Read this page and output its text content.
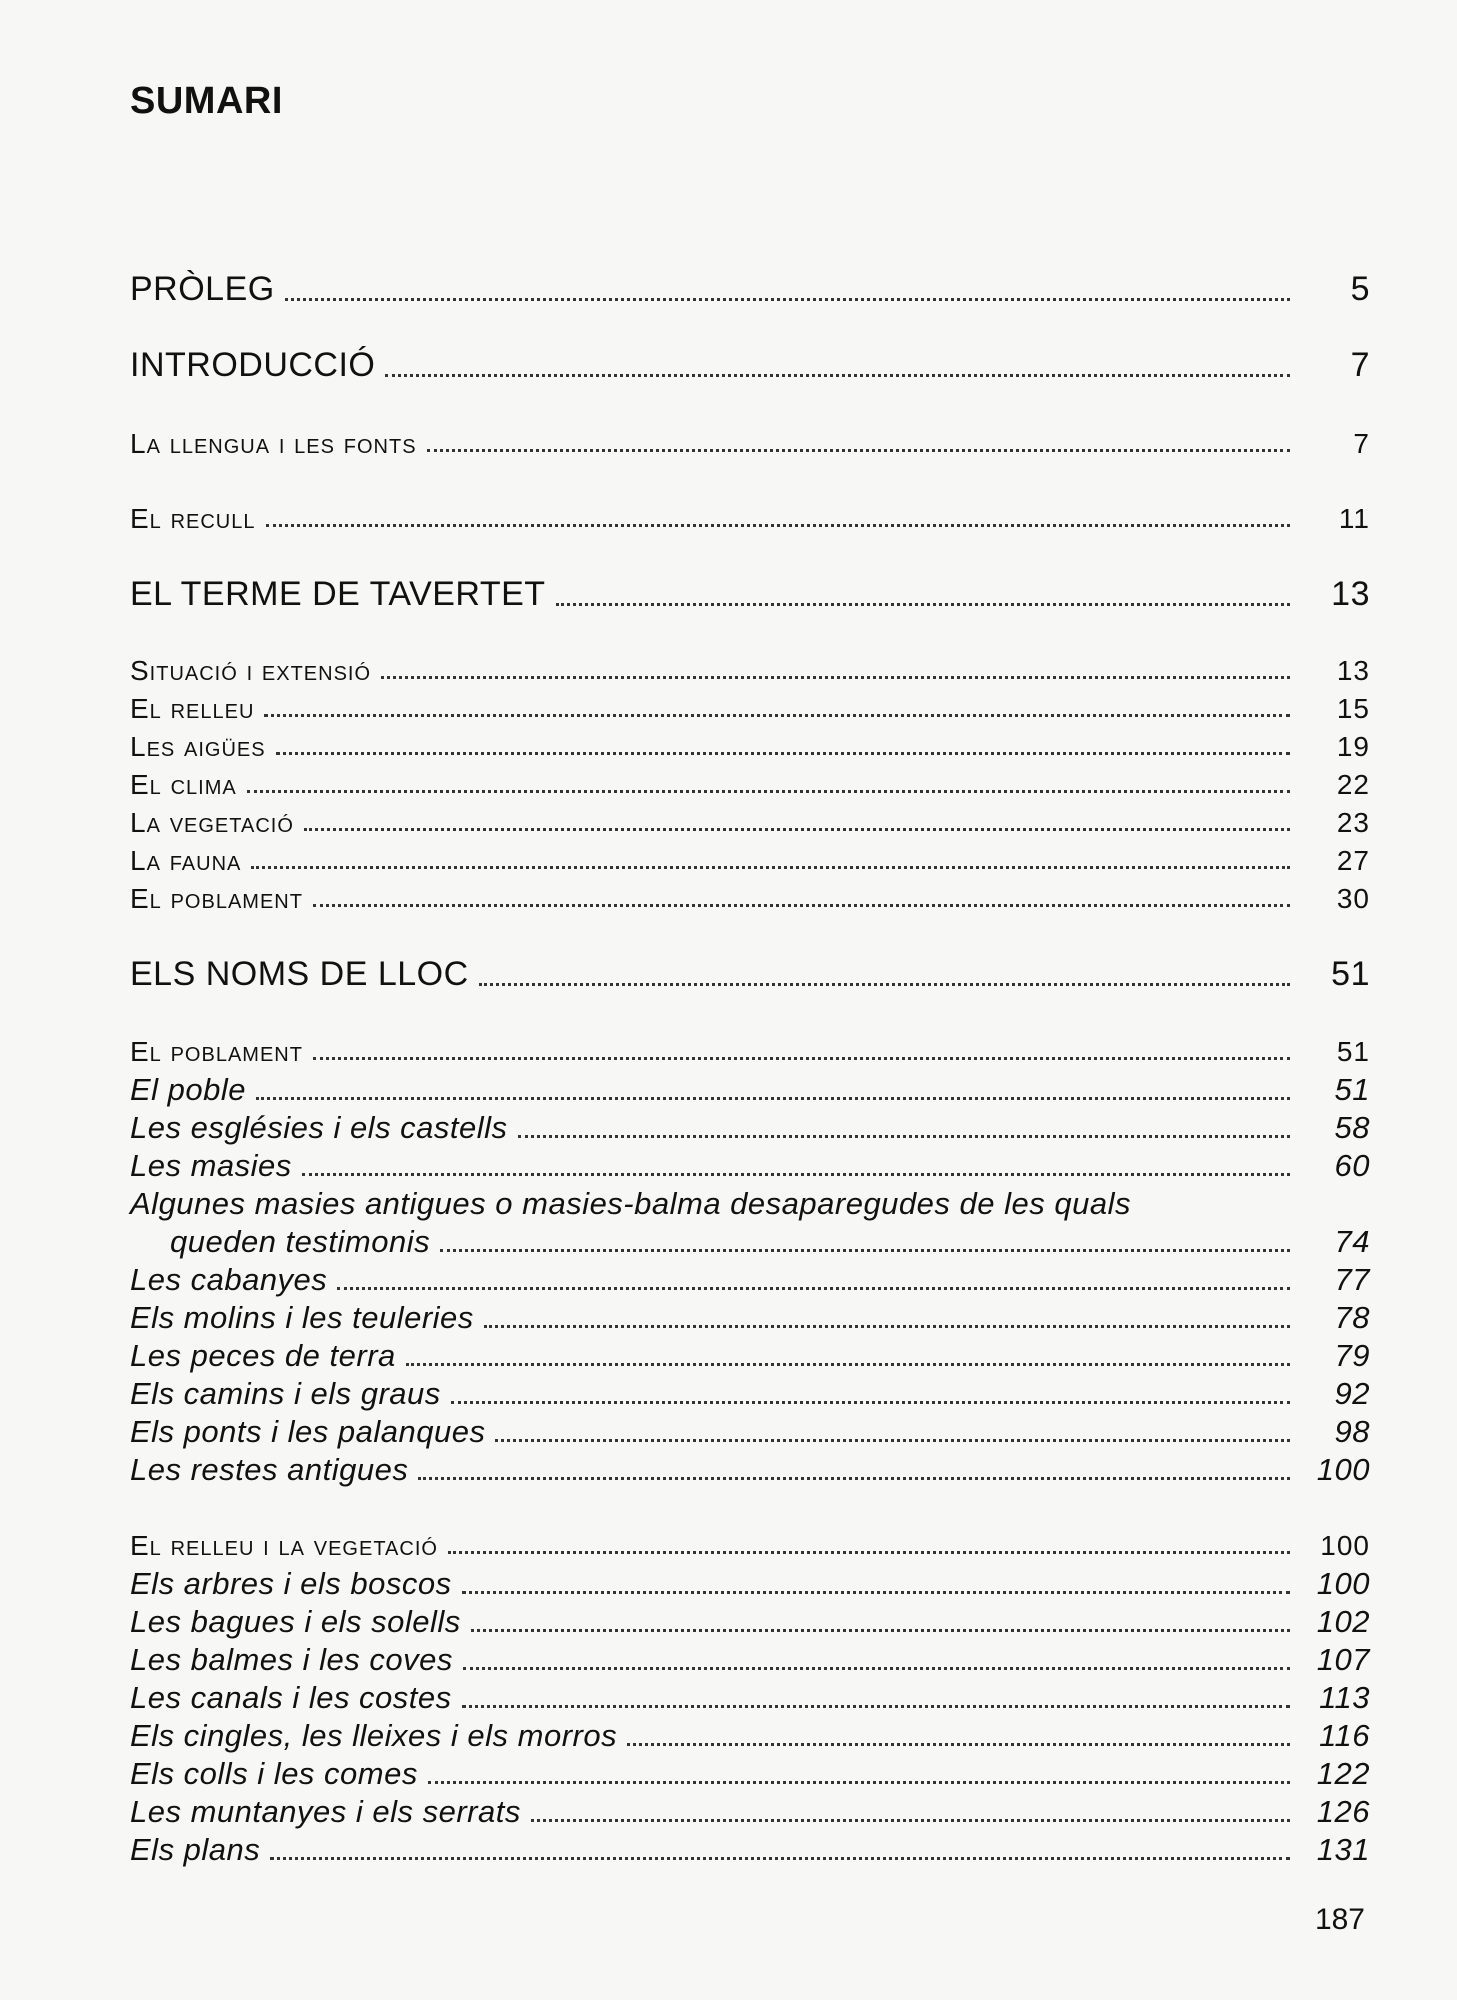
SUMARI
PRÒLEG	5
INTRODUCCIÓ	7
La llengua i les fonts	7
El recull	11
EL TERME DE TAVERTET	13
Situació i extensió	13
El relleu	15
Les aigües	19
El clima	22
La vegetació	23
La fauna	27
El poblament	30
ELS NOMS DE LLOC	51
El poblament	51
El poble	51
Les esglésies i els castells	58
Les masies	60
Algunes masies antigues o masies-balma desaparegudes de les quals
queden testimonis	74
Les cabanyes	77
Els molins i les teuleries	78
Les peces de terra	79
Els camins i els graus	92
Els ponts i les palanques	98
Les restes antigues	100
El relleu i la vegetació	100
Els arbres i els boscos	100
Les bagues i els solells	102
Les balmes i les coves	107
Les canals i les costes	113
Els cingles, les lleixes i els morros	116
Els colls i les comes	122
Les muntanyes i els serrats	126
Els plans	131
187
